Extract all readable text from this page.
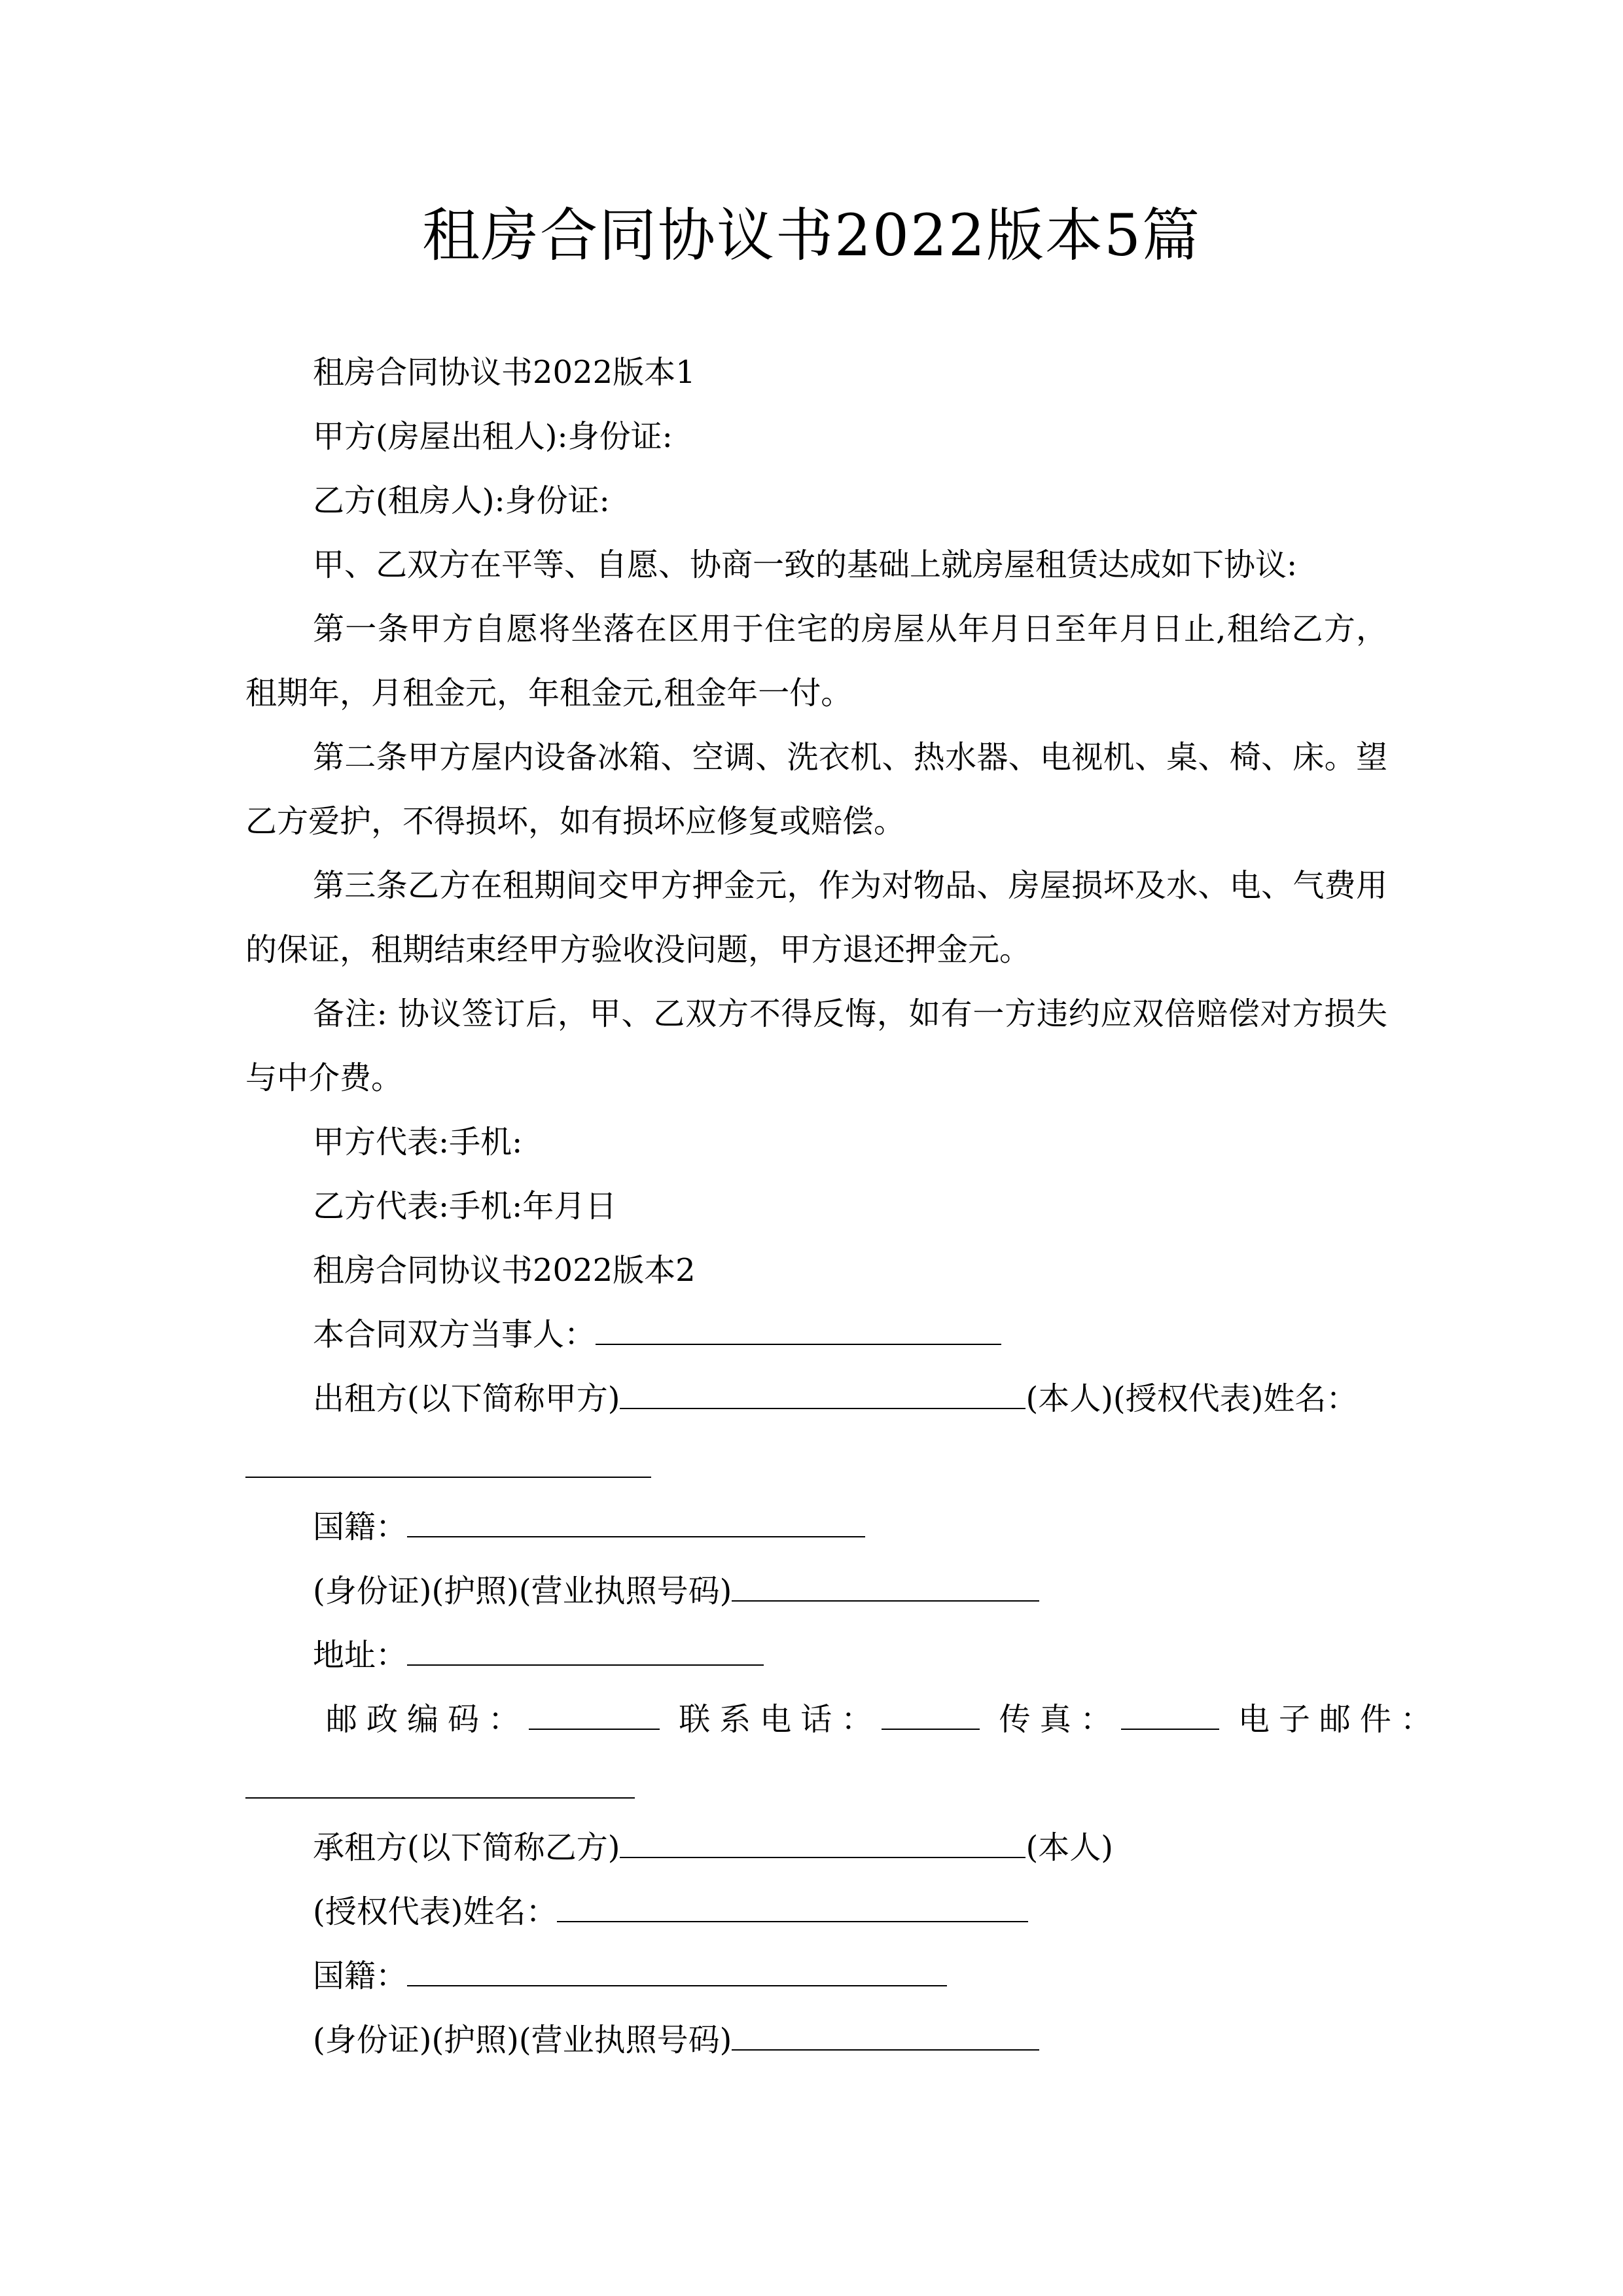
租房合同协议书2022版本5篇
租房合同协议书2022版本1
甲方(房屋出租人):身份证:
乙方(租房人):身份证:
甲、乙双方在平等、自愿、协商一致的基础上就房屋租赁达成如下协议:
第一条甲方自愿将坐落在区用于住宅的房屋从年月日至年月日止,租给乙方，租期年，月租金元，年租金元,租金年一付。
第二条甲方屋内设备冰箱、空调、洗衣机、热水器、电视机、桌、椅、床。望乙方爱护，不得损坏，如有损坏应修复或赔偿。
第三条乙方在租期间交甲方押金元，作为对物品、房屋损坏及水、电、气费用的保证，租期结束经甲方验收没问题，甲方退还押金元。
备注: 协议签订后，甲、乙双方不得反悔，如有一方违约应双倍赔偿对方损失与中介费。
甲方代表:手机:
乙方代表:手机:年月日
租房合同协议书2022版本2
本合同双方当事人：
出租方(以下简称甲方)	(本人)(授权代表)姓名：
国籍：
(身份证)(护照)(营业执照号码)
地址：
邮政编码：	联系电话：	传真：	电子邮件：
承租方(以下简称乙方)	(本人)
(授权代表)姓名：
国籍：
(身份证)(护照)(营业执照号码)
